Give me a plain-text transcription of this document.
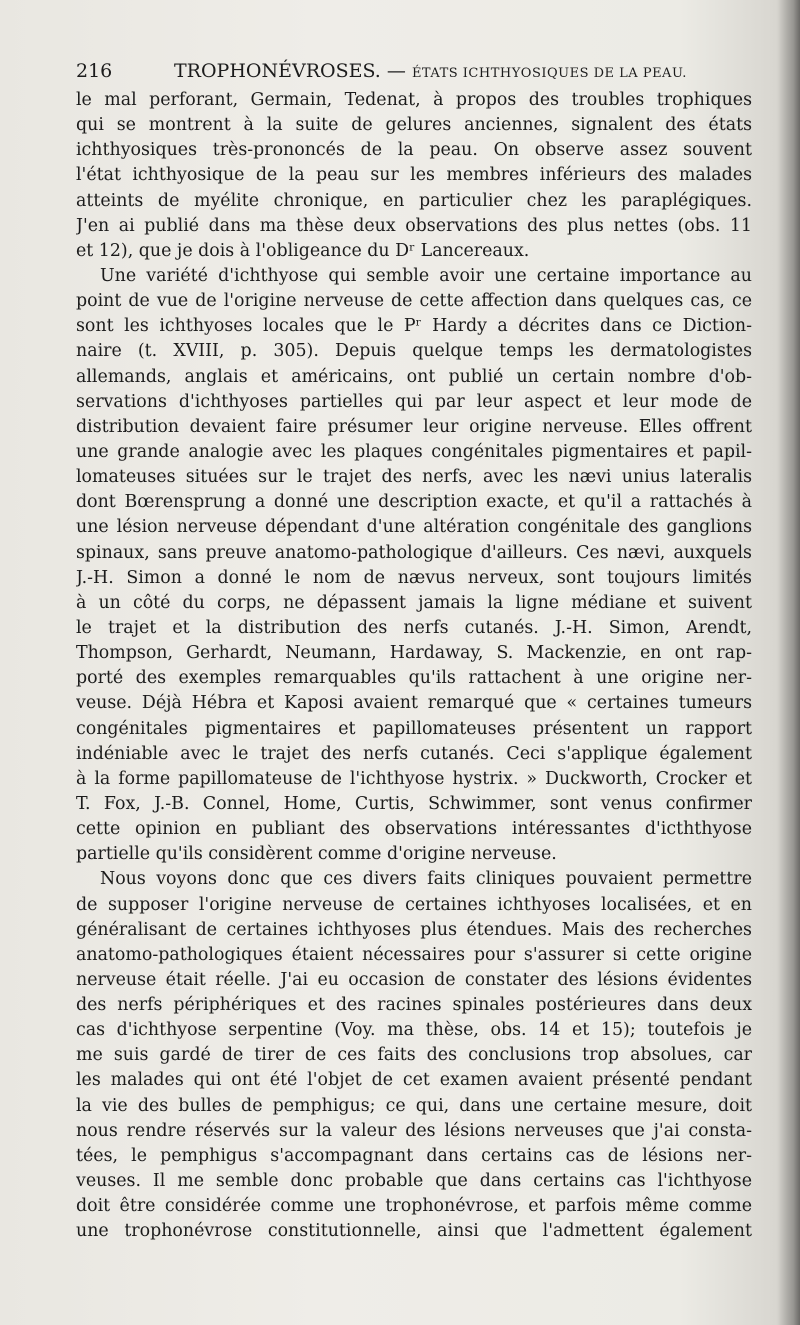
216	TROPHONÉVROSES. — ÉTATS ICHTHYOSIQUES DE LA PEAU.
le mal perforant, Germain, Tedenat, à propos des troubles trophiques
qui se montrent à la suite de gelures anciennes, signalent des états
ichthyosiques très-prononcés de la peau. On observe assez souvent
l'état ichthyosique de la peau sur les membres inférieurs des malades
atteints de myélite chronique, en particulier chez les paraplégiques.
J'en ai publié dans ma thèse deux observations des plus nettes (obs. 11
et 12), que je dois à l'obligeance du Dʳ Lancereaux.
Une variété d'ichthyose qui semble avoir une certaine importance au
point de vue de l'origine nerveuse de cette affection dans quelques cas, ce
sont les ichthyoses locales que le Pʳ Hardy a décrites dans ce Diction-
naire (t. XVIII, p. 305). Depuis quelque temps les dermatologistes
allemands, anglais et américains, ont publié un certain nombre d'ob-
servations d'ichthyoses partielles qui par leur aspect et leur mode de
distribution devaient faire présumer leur origine nerveuse. Elles offrent
une grande analogie avec les plaques congénitales pigmentaires et papil-
lomateuses situées sur le trajet des nerfs, avec les nævi unius lateralis
dont Bœrensprung a donné une description exacte, et qu'il a rattachés à
une lésion nerveuse dépendant d'une altération congénitale des ganglions
spinaux, sans preuve anatomo-pathologique d'ailleurs. Ces nævi, auxquels
J.-H. Simon a donné le nom de nævus nerveux, sont toujours limités
à un côté du corps, ne dépassent jamais la ligne médiane et suivent
le trajet et la distribution des nerfs cutanés. J.-H. Simon, Arendt,
Thompson, Gerhardt, Neumann, Hardaway, S. Mackenzie, en ont rap-
porté des exemples remarquables qu'ils rattachent à une origine ner-
veuse. Déjà Hébra et Kaposi avaient remarqué que « certaines tumeurs
congénitales pigmentaires et papillomateuses présentent un rapport
indéniable avec le trajet des nerfs cutanés. Ceci s'applique également
à la forme papillomateuse de l'ichthyose hystrix. » Duckworth, Crocker et
T. Fox, J.-B. Connel, Home, Curtis, Schwimmer, sont venus confirmer
cette opinion en publiant des observations intéressantes d'icththyose
partielle qu'ils considèrent comme d'origine nerveuse.
Nous voyons donc que ces divers faits cliniques pouvaient permettre
de supposer l'origine nerveuse de certaines ichthyoses localisées, et en
généralisant de certaines ichthyoses plus étendues. Mais des recherches
anatomo-pathologiques étaient nécessaires pour s'assurer si cette origine
nerveuse était réelle. J'ai eu occasion de constater des lésions évidentes
des nerfs périphériques et des racines spinales postérieures dans deux
cas d'ichthyose serpentine (Voy. ma thèse, obs. 14 et 15); toutefois je
me suis gardé de tirer de ces faits des conclusions trop absolues, car
les malades qui ont été l'objet de cet examen avaient présenté pendant
la vie des bulles de pemphigus; ce qui, dans une certaine mesure, doit
nous rendre réservés sur la valeur des lésions nerveuses que j'ai consta-
tées, le pemphigus s'accompagnant dans certains cas de lésions ner-
veuses. Il me semble donc probable que dans certains cas l'ichthyose
doit être considérée comme une trophonévrose, et parfois même comme
une trophonévrose constitutionnelle, ainsi que l'admettent également
